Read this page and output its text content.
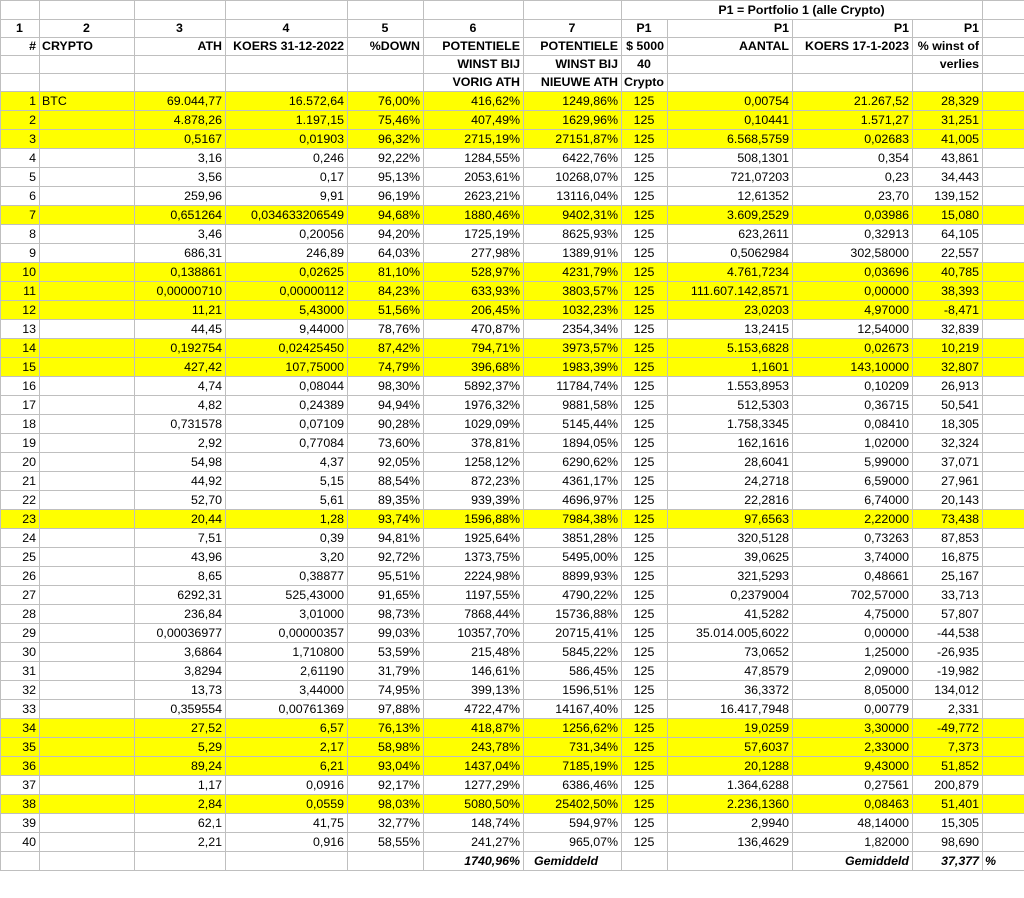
							P1 = Portfolio 1 (alle Crypto)				
1	2	3	4	5	6	7	P1	P1	P1	P1	
#	CRYPTO	ATH	KOERS 31-12-2022	%DOWN	POTENTIELE	POTENTIELE	$ 5000	AANTAL	KOERS 17-1-2023	% winst of	
					WINST BIJ	WINST BIJ	40			verlies	
					VORIG ATH	NIEUWE ATH	Crypto				
1	BTC	69.044,77	16.572,64	76,00%	416,62%	1249,86%	125	0,00754	21.267,52	28,329	
2		4.878,26	1.197,15	75,46%	407,49%	1629,96%	125	0,10441	1.571,27	31,251	
3		0,5167	0,01903	96,32%	2715,19%	27151,87%	125	6.568,5759	0,02683	41,005	
4		3,16	0,246	92,22%	1284,55%	6422,76%	125	508,1301	0,354	43,861	
5		3,56	0,17	95,13%	2053,61%	10268,07%	125	721,07203	0,23	34,443	
6		259,96	9,91	96,19%	2623,21%	13116,04%	125	12,61352	23,70	139,152	
7		0,651264	0,034633206549	94,68%	1880,46%	9402,31%	125	3.609,2529	0,03986	15,080	
8		3,46	0,20056	94,20%	1725,19%	8625,93%	125	623,2611	0,32913	64,105	
9		686,31	246,89	64,03%	277,98%	1389,91%	125	0,5062984	302,58000	22,557	
10		0,138861	0,02625	81,10%	528,97%	4231,79%	125	4.761,7234	0,03696	40,785	
11		0,00000710	0,00000112	84,23%	633,93%	3803,57%	125	111.607.142,8571	0,00000	38,393	
12		11,21	5,43000	51,56%	206,45%	1032,23%	125	23,0203	4,97000	-8,471	
13		44,45	9,44000	78,76%	470,87%	2354,34%	125	13,2415	12,54000	32,839	
14		0,192754	0,02425450	87,42%	794,71%	3973,57%	125	5.153,6828	0,02673	10,219	
15		427,42	107,75000	74,79%	396,68%	1983,39%	125	1,1601	143,10000	32,807	
16		4,74	0,08044	98,30%	5892,37%	11784,74%	125	1.553,8953	0,10209	26,913	
17		4,82	0,24389	94,94%	1976,32%	9881,58%	125	512,5303	0,36715	50,541	
18		0,731578	0,07109	90,28%	1029,09%	5145,44%	125	1.758,3345	0,08410	18,305	
19		2,92	0,77084	73,60%	378,81%	1894,05%	125	162,1616	1,02000	32,324	
20		54,98	4,37	92,05%	1258,12%	6290,62%	125	28,6041	5,99000	37,071	
21		44,92	5,15	88,54%	872,23%	4361,17%	125	24,2718	6,59000	27,961	
22		52,70	5,61	89,35%	939,39%	4696,97%	125	22,2816	6,74000	20,143	
23		20,44	1,28	93,74%	1596,88%	7984,38%	125	97,6563	2,22000	73,438	
24		7,51	0,39	94,81%	1925,64%	3851,28%	125	320,5128	0,73263	87,853	
25		43,96	3,20	92,72%	1373,75%	5495,00%	125	39,0625	3,74000	16,875	
26		8,65	0,38877	95,51%	2224,98%	8899,93%	125	321,5293	0,48661	25,167	
27		6292,31	525,43000	91,65%	1197,55%	4790,22%	125	0,2379004	702,57000	33,713	
28		236,84	3,01000	98,73%	7868,44%	15736,88%	125	41,5282	4,75000	57,807	
29		0,00036977	0,00000357	99,03%	10357,70%	20715,41%	125	35.014.005,6022	0,00000	-44,538	
30		3,6864	1,710800	53,59%	215,48%	5845,22%	125	73,0652	1,25000	-26,935	
31		3,8294	2,61190	31,79%	146,61%	586,45%	125	47,8579	2,09000	-19,982	
32		13,73	3,44000	74,95%	399,13%	1596,51%	125	36,3372	8,05000	134,012	
33		0,359554	0,00761369	97,88%	4722,47%	14167,40%	125	16.417,7948	0,00779	2,331	
34		27,52	6,57	76,13%	418,87%	1256,62%	125	19,0259	3,30000	-49,772	
35		5,29	2,17	58,98%	243,78%	731,34%	125	57,6037	2,33000	7,373	
36		89,24	6,21	93,04%	1437,04%	7185,19%	125	20,1288	9,43000	51,852	
37		1,17	0,0916	92,17%	1277,29%	6386,46%	125	1.364,6288	0,27561	200,879	
38		2,84	0,0559	98,03%	5080,50%	25402,50%	125	2.236,1360	0,08463	51,401	
39		62,1	41,75	32,77%	148,74%	594,97%	125	2,9940	48,14000	15,305	
40		2,21	0,916	58,55%	241,27%	965,07%	125	136,4629	1,82000	98,690	
					1740,96%	Gemiddeld			Gemiddeld	37,377	%
